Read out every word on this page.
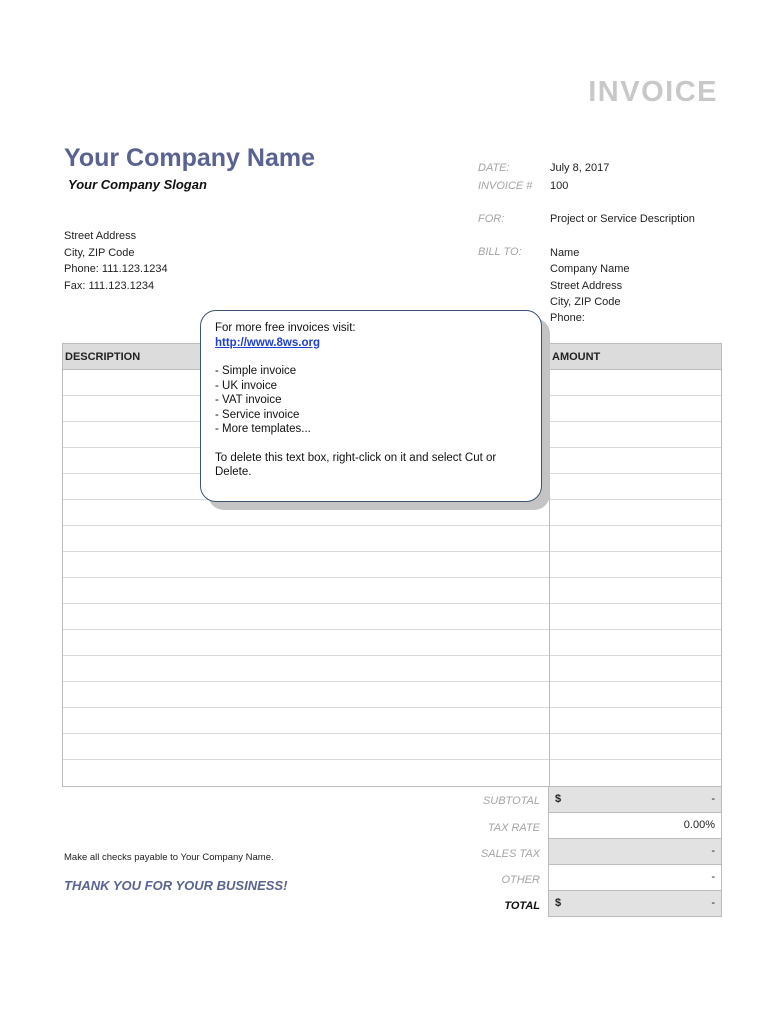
INVOICE
Your Company Name
Your Company Slogan
Street Address
City, ZIP Code
Phone: 111.123.1234
Fax: 111.123.1234
DATE:	July 8, 2017
INVOICE # 100
FOR:	Project or Service Description
BILL TO:	Name
Company Name
Street Address
City, ZIP Code
Phone:
DESCRIPTION	AMOUNT
SUBTOTAL $	-
TAX RATE	0.00%
SALES TAX	-
OTHER	-
TOTAL $	-
Make all checks payable to Your Company Name.
THANK YOU FOR YOUR BUSINESS!
For more free invoices visit:
http://www.8ws.org
- Simple invoice
- UK invoice
- VAT invoice
- Service invoice
- More templates...
To delete this text box, right-click on it and select Cut or Delete.
